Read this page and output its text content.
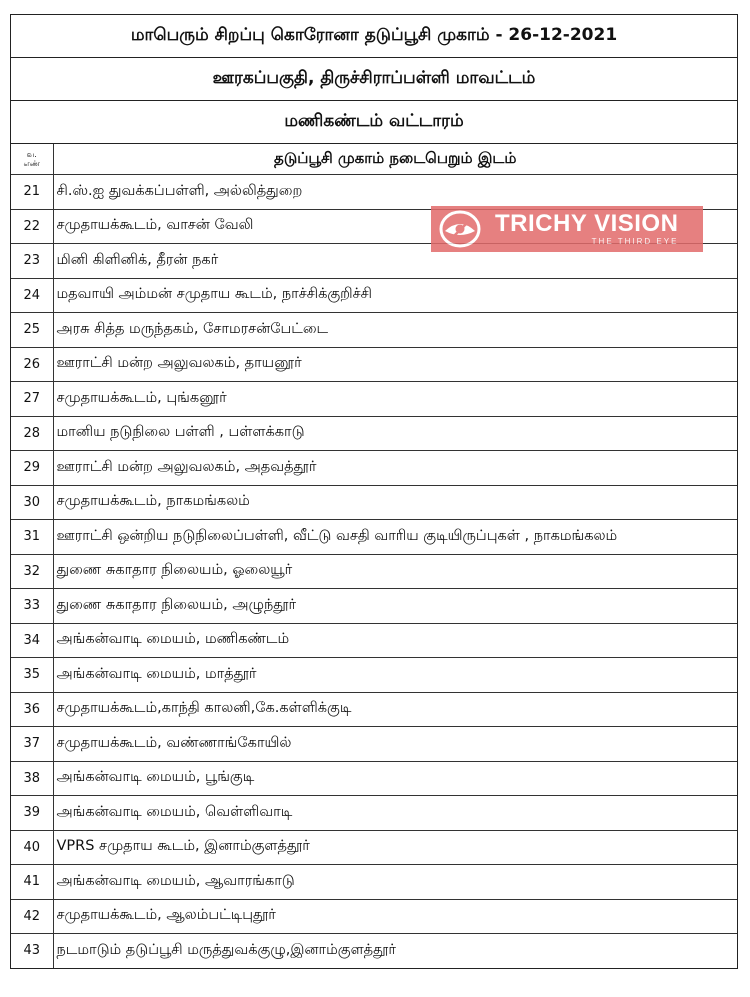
மாபெரும் சிறப்பு கொரோனா தடுப்பூசி முகாம் - 26-12-2021
ஊரகப்பகுதி, திருச்சிராப்பள்ளி மாவட்டம்
மணிகண்டம் வட்டாரம்
வ.
எண்	தடுப்பூசி முகாம் நடைபெறும் இடம்
21	சி.ஸ்.ஐ துவக்கப்பள்ளி, அல்லித்துறை
22	சமுதாயக்கூடம், வாசன் வேலி
23	மினி கிளினிக், தீரன் நகர்
24	மதவாயி அம்மன் சமுதாய கூடம், நாச்சிக்குறிச்சி
25	அரசு சித்த மருந்தகம், சோமரசன்பேட்டை
26	ஊராட்சி மன்ற அலுவலகம், தாயனூர்
27	சமுதாயக்கூடம், புங்கனூர்
28	மானிய நடுநிலை பள்ளி , பள்ளக்காடு
29	ஊராட்சி மன்ற அலுவலகம், அதவத்தூர்
30	சமுதாயக்கூடம், நாகமங்கலம்
31	ஊராட்சி ஒன்றிய நடுநிலைப்பள்ளி, வீட்டு வசதி வாரிய குடியிருப்புகள் , நாகமங்கலம்
32	துணை சுகாதார நிலையம், ஓலையூர்
33	துணை சுகாதார நிலையம், அழுந்தூர்
34	அங்கன்வாடி மையம், மணிகண்டம்
35	அங்கன்வாடி மையம், மாத்தூர்
36	சமுதாயக்கூடம்,காந்தி காலனி,கே.கள்ளிக்குடி
37	சமுதாயக்கூடம், வண்ணாங்கோயில்
38	அங்கன்வாடி மையம், பூங்குடி
39	அங்கன்வாடி மையம், வெள்ளிவாடி
40	VPRS சமுதாய கூடம், இனாம்குளத்தூர்
41	அங்கன்வாடி மையம், ஆவாரங்காடு
42	சமுதாயக்கூடம், ஆலம்பட்டிபுதூர்
43	நடமாடும் தடுப்பூசி மருத்துவக்குழு,இனாம்குளத்தூர்
TRICHY VISION
THE THIRD EYE
